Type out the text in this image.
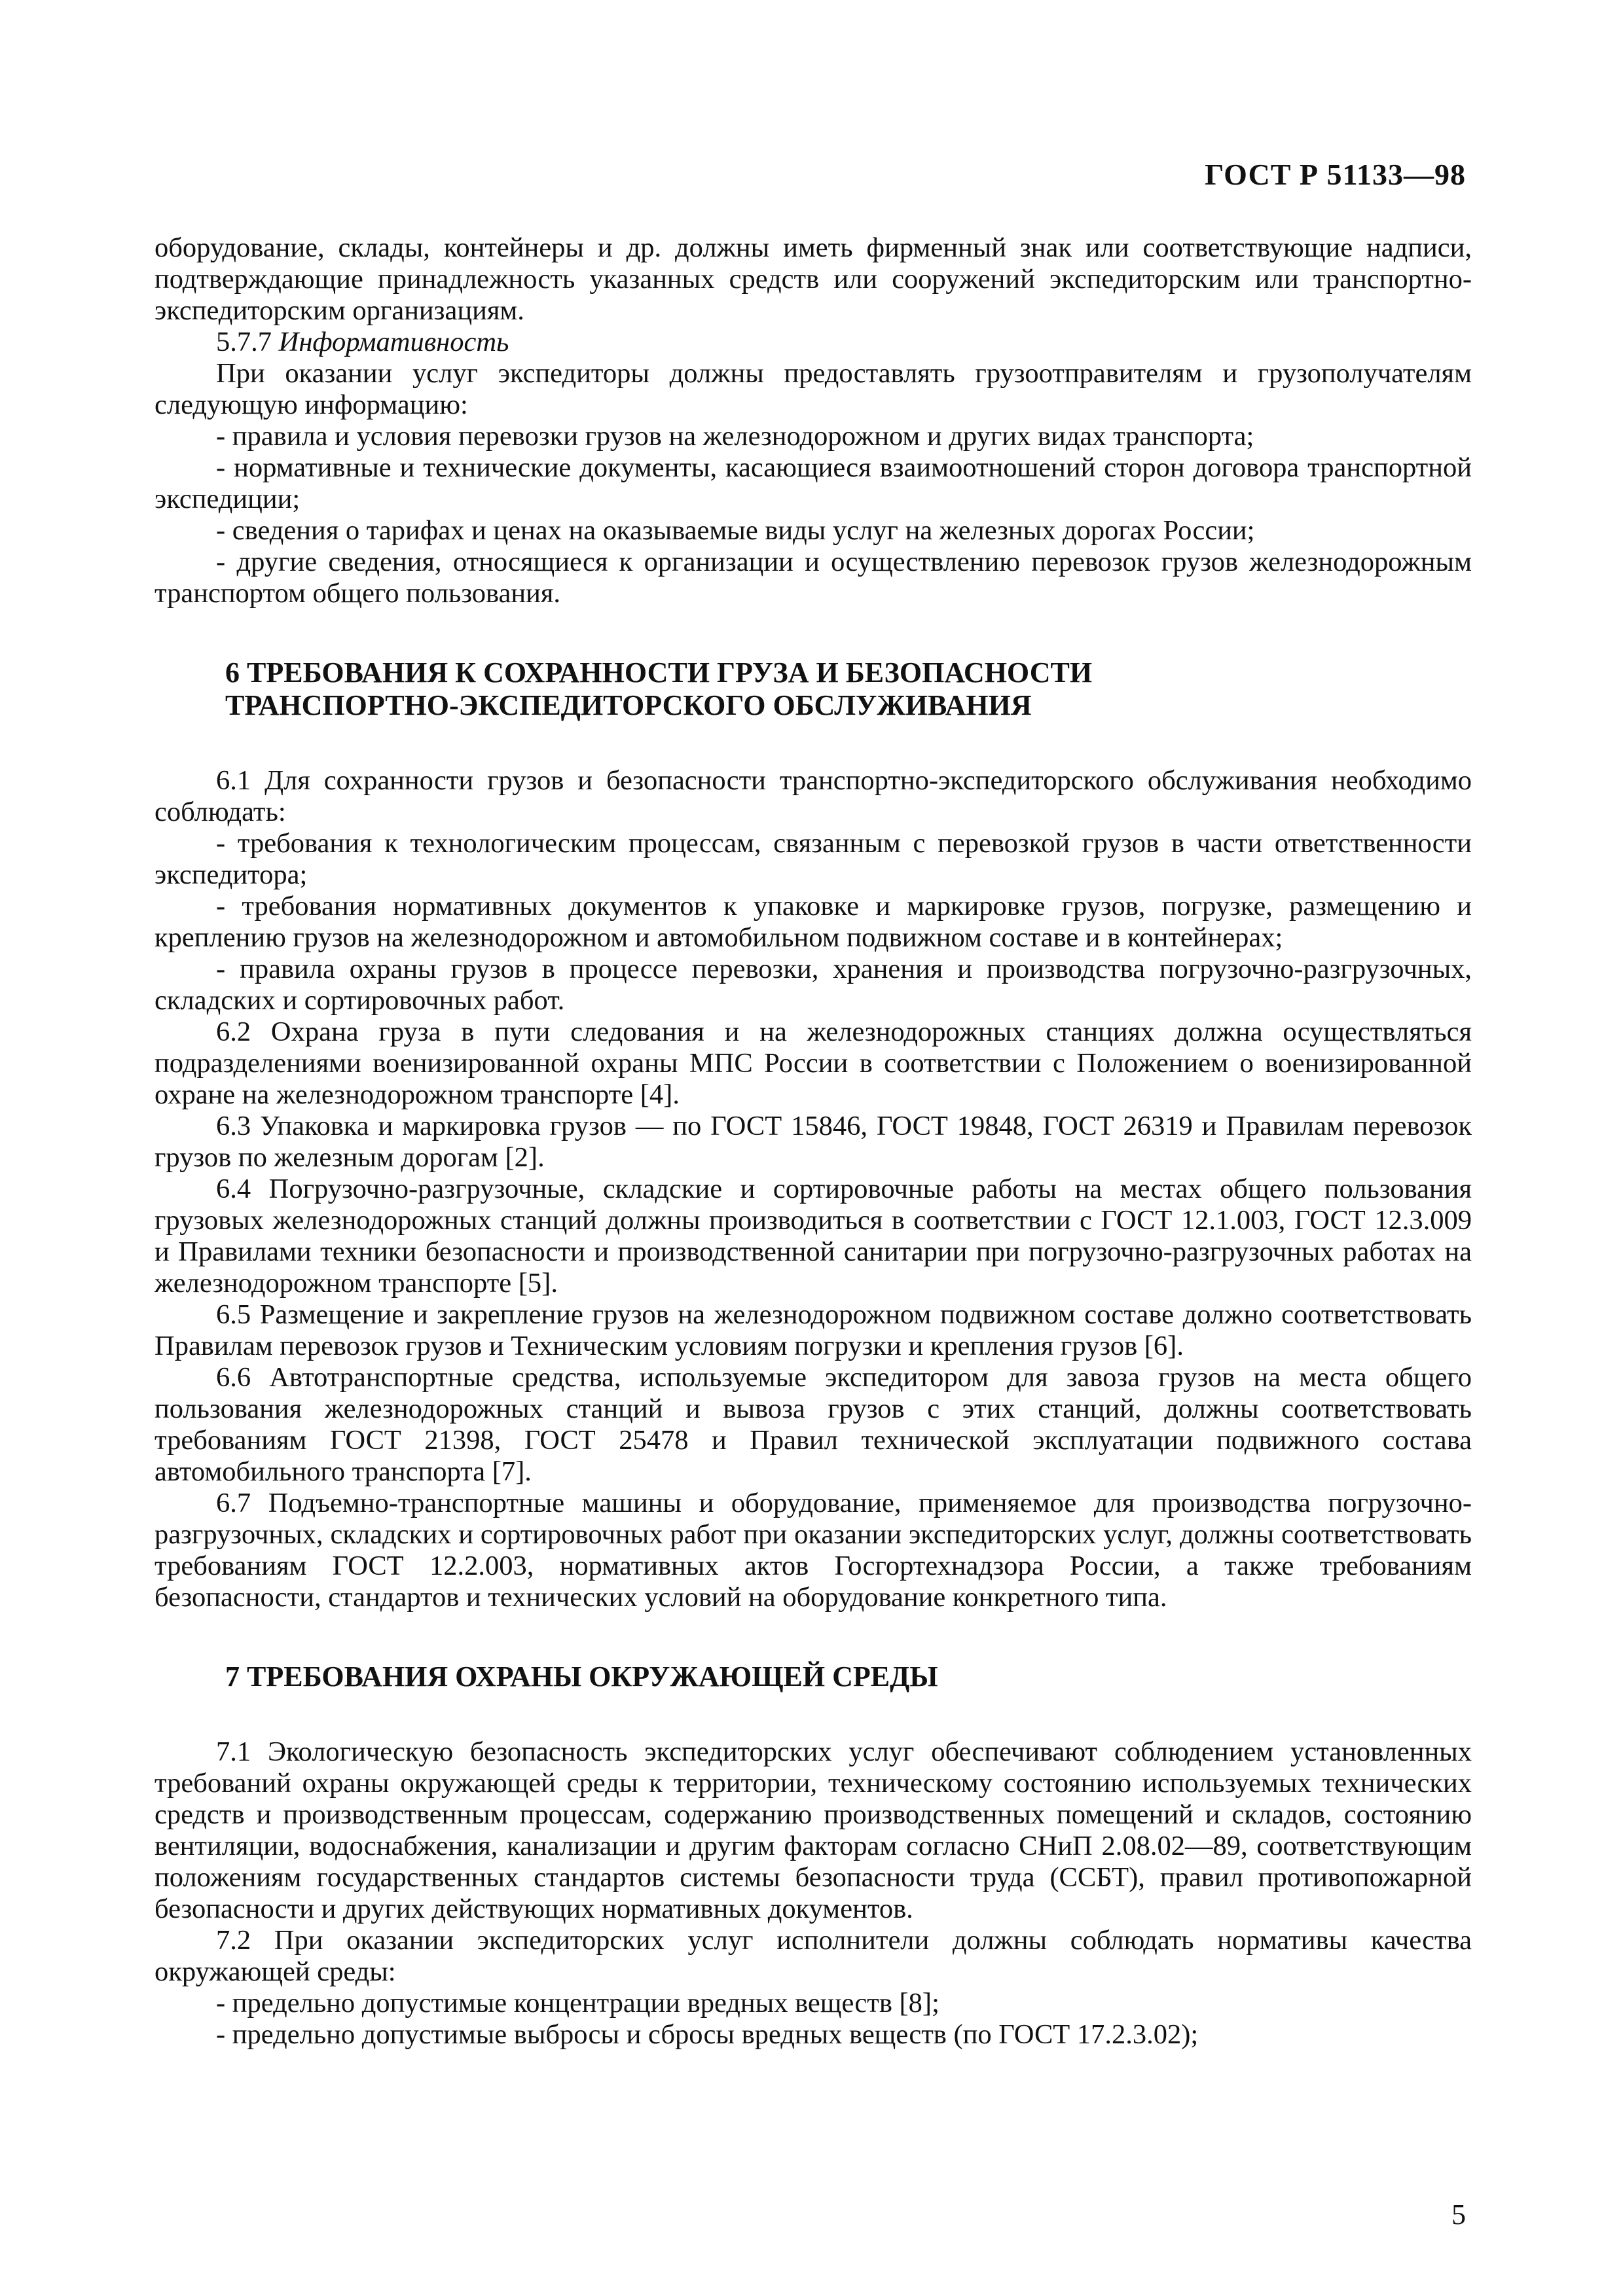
ГОСТ Р 51133—98

оборудование, склады, контейнеры и др. должны иметь фирменный знак или соответствующие надписи, подтверждающие принадлежность указанных средств или сооружений экспедиторским или транспортно-экспедиторским организациям.

5.7.7 Информативность

При оказании услуг экспедиторы должны предоставлять грузоотправителям и грузополучателям следующую информацию:

- правила и условия перевозки грузов на железнодорожном и других видах транспорта;

- нормативные и технические документы, касающиеся взаимоотношений сторон договора транспортной экспедиции;

- сведения о тарифах и ценах на оказываемые виды услуг на железных дорогах России;

- другие сведения, относящиеся к организации и осуществлению перевозок грузов железнодорожным транспортом общего пользования.

6 ТРЕБОВАНИЯ К СОХРАННОСТИ ГРУЗА И БЕЗОПАСНОСТИ
ТРАНСПОРТНО-ЭКСПЕДИТОРСКОГО ОБСЛУЖИВАНИЯ

6.1 Для сохранности грузов и безопасности транспортно-экспедиторского обслуживания необходимо соблюдать:

- требования к технологическим процессам, связанным с перевозкой грузов в части ответственности экспедитора;

- требования нормативных документов к упаковке и маркировке грузов, погрузке, размещению и креплению грузов на железнодорожном и автомобильном подвижном составе и в контейнерах;

- правила охраны грузов в процессе перевозки, хранения и производства погрузочно-разгрузочных, складских и сортировочных работ.

6.2 Охрана груза в пути следования и на железнодорожных станциях должна осуществляться подразделениями военизированной охраны МПС России в соответствии с Положением о военизированной охране на железнодорожном транспорте [4].

6.3 Упаковка и маркировка грузов — по ГОСТ 15846, ГОСТ 19848, ГОСТ 26319 и Правилам перевозок грузов по железным дорогам [2].

6.4 Погрузочно-разгрузочные, складские и сортировочные работы на местах общего пользования грузовых железнодорожных станций должны производиться в соответствии с ГОСТ 12.1.003, ГОСТ 12.3.009 и Правилами техники безопасности и производственной санитарии при погрузочно-разгрузочных работах на железнодорожном транспорте [5].

6.5 Размещение и закрепление грузов на железнодорожном подвижном составе должно соответствовать Правилам перевозок грузов и Техническим условиям погрузки и крепления грузов [6].

6.6 Автотранспортные средства, используемые экспедитором для завоза грузов на места общего пользования железнодорожных станций и вывоза грузов с этих станций, должны соответствовать требованиям ГОСТ 21398, ГОСТ 25478 и Правил технической эксплуатации подвижного состава автомобильного транспорта [7].

6.7 Подъемно-транспортные машины и оборудование, применяемое для производства погрузочно-разгрузочных, складских и сортировочных работ при оказании экспедиторских услуг, должны соответствовать требованиям ГОСТ 12.2.003, нормативных актов Госгортехнадзора России, а также требованиям безопасности, стандартов и технических условий на оборудование конкретного типа.

7 ТРЕБОВАНИЯ ОХРАНЫ ОКРУЖАЮЩЕЙ СРЕДЫ

7.1 Экологическую безопасность экспедиторских услуг обеспечивают соблюдением установленных требований охраны окружающей среды к территории, техническому состоянию используемых технических средств и производственным процессам, содержанию производственных помещений и складов, состоянию вентиляции, водоснабжения, канализации и другим факторам согласно СНиП 2.08.02—89, соответствующим положениям государственных стандартов системы безопасности труда (ССБТ), правил противопожарной безопасности и других действующих нормативных документов.

7.2 При оказании экспедиторских услуг исполнители должны соблюдать нормативы качества окружающей среды:

- предельно допустимые концентрации вредных веществ [8];

- предельно допустимые выбросы и сбросы вредных веществ (по ГОСТ 17.2.3.02);

5
